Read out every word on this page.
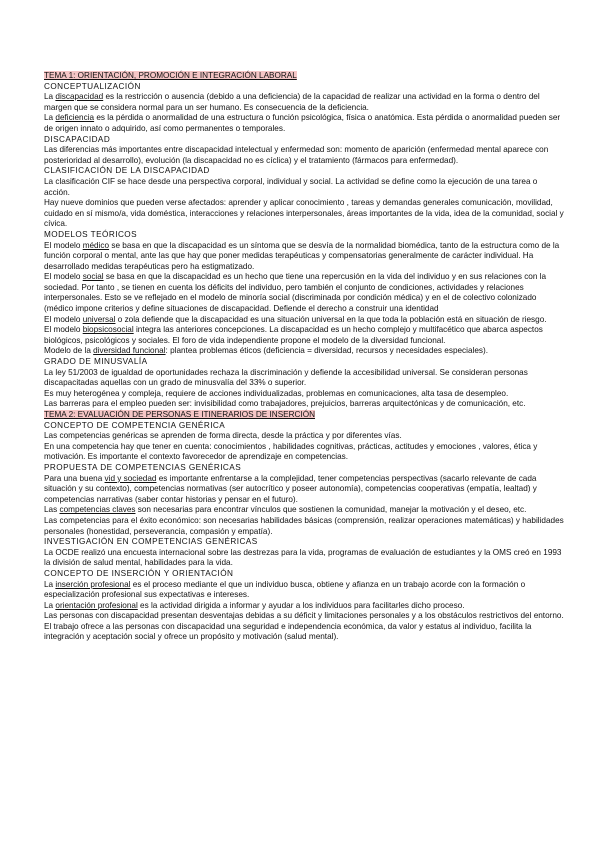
TEMA 1: ORIENTACIÓN, PROMOCIÓN E INTEGRACIÓN LABORAL

CONCEPTUALIZACIÓN

La discapacidad es la restricción o ausencia (debido a una deficiencia) de la capacidad de realizar una actividad en la forma o dentro del margen que se considera normal para un ser humano. Es consecuencia de la deficiencia.

La deficiencia es la pérdida o anormalidad de una estructura o función psicológica, física o anatómica. Esta pérdida o anormalidad pueden ser de origen innato o adquirido, así como permanentes o temporales.

DISCAPACIDAD

Las diferencias más importantes entre discapacidad intelectual y enfermedad son: momento de aparición (enfermedad mental aparece con posterioridad al desarrollo), evolución (la discapacidad no es cíclica) y el tratamiento (fármacos para enfermedad).

CLASIFICACIÓN DE LA DISCAPACIDAD

La clasificación CIF se hace desde una perspectiva corporal, individual y social. La actividad se define como la ejecución de una tarea o acción.

Hay nueve dominios que pueden verse afectados: aprender y aplicar conocimiento , tareas y demandas generales comunicación, movilidad, cuidado en sí mismo/a, vida doméstica, interacciones y relaciones interpersonales, áreas importantes de la vida, idea de la comunidad, social y cívica.

MODELOS TEÓRICOS

El modelo médico se basa en que la discapacidad es un síntoma que se desvía de la normalidad biomédica, tanto de la estructura como de la función corporal o mental, ante las que hay que poner medidas terapéuticas y compensatorias generalmente de carácter individual. Ha desarrollado medidas terapéuticas pero ha estigmatizado.

El modelo social se basa en que la discapacidad es un hecho que tiene una repercusión en la vida del individuo y en sus relaciones con la sociedad. Por tanto , se tienen en cuenta los déficits del individuo, pero también el conjunto de condiciones, actividades y relaciones interpersonales. Esto se ve reflejado en el modelo de minoría social (discriminada por condición médica) y en el de colectivo colonizado (médico impone criterios y define situaciones de discapacidad. Defiende el derecho a construir una identidad

El modelo universal o zola defiende que la discapacidad es una situación universal en la que toda la población está en situación de riesgo.

El modelo biopsicosocial integra las anteriores concepciones. La discapacidad es un hecho complejo y multifacético que abarca aspectos biológicos, psicológicos y sociales. El foro de vida independiente propone el modelo de la diversidad funcional.

Modelo de la diversidad funcional: plantea problemas éticos (deficiencia = diversidad, recursos y necesidades especiales).

GRADO DE MINUSVALÍA

La ley 51/2003 de igualdad de oportunidades rechaza la discriminación y defiende la accesibilidad universal. Se consideran personas discapacitadas aquellas con un grado de minusvalía del 33% o superior.

Es muy heterogénea y compleja, requiere de acciones individualizadas, problemas en comunicaciones, alta tasa de desempleo.

Las barreras para el empleo pueden ser: invisibilidad como trabajadores, prejuicios, barreras arquitectónicas y de comunicación, etc.

TEMA 2: EVALUACIÓN DE PERSONAS E ITINERARIOS DE INSERCIÓN

CONCEPTO DE COMPETENCIA GENÉRICA

Las competencias genéricas se aprenden de forma directa, desde la práctica y por diferentes vías.

En una competencia hay que tener en cuenta: conocimientos , habilidades cognitivas, prácticas, actitudes y emociones , valores, ética y motivación. Es importante el contexto favorecedor de aprendizaje en competencias.

PROPUESTA DE COMPETENCIAS GENÉRICAS

Para una buena vid y sociedad es importante enfrentarse a la complejidad, tener competencias perspectivas (sacarlo relevante de cada situación y su contexto), competencias normativas (ser autocrítico y poseer autonomía), competencias cooperativas (empatía, lealtad) y competencias narrativas (saber contar historias y pensar en el futuro).

Las competencias claves son necesarias para encontrar vínculos que sostienen la comunidad, manejar la motivación y el deseo, etc.

Las competencias para el éxito económico: son necesarias habilidades básicas (comprensión, realizar operaciones matemáticas) y habilidades personales (honestidad, perseverancia, compasión y empatía).

INVESTIGACIÓN EN COMPETENCIAS GENÉRICAS

La OCDE realizó una encuesta internacional sobre las destrezas para la vida, programas de evaluación de estudiantes y la OMS creó en 1993 la división de salud mental, habilidades para la vida.

CONCEPTO DE INSERCIÓN Y ORIENTACIÓN

La inserción profesional es el proceso mediante el que un individuo busca, obtiene y afianza en un trabajo acorde con la formación o especialización profesional sus expectativas e intereses.

La orientación profesional es la actividad dirigida a informar y ayudar a los individuos para facilitarles dicho proceso.

Las personas con discapacidad presentan desventajas debidas a su déficit y limitaciones personales y a los obstáculos restrictivos del entorno. El trabajo ofrece a las personas con discapacidad una seguridad e independencia económica, da valor y estatus al individuo, facilita la integración y aceptación social y ofrece un propósito y motivación (salud mental).
